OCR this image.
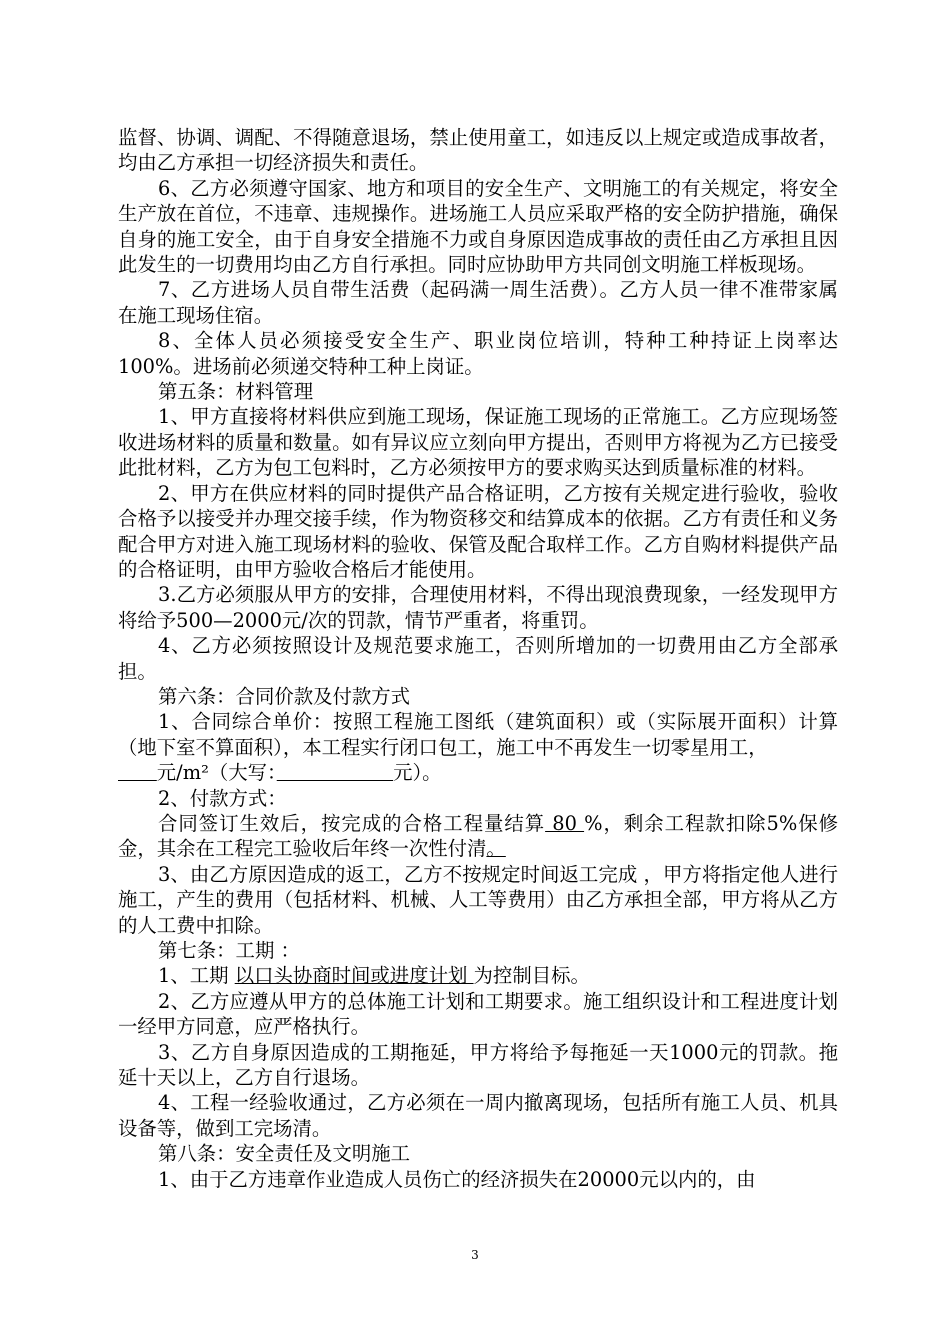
监督、协调、调配、不得随意退场，禁止使用童工，如违反以上规定或造成事故者，均由乙方承担一切经济损失和责任。

6、乙方必须遵守国家、地方和项目的安全生产、文明施工的有关规定，将安全生产放在首位，不违章、违规操作。进场施工人员应采取严格的安全防护措施，确保自身的施工安全，由于自身安全措施不力或自身原因造成事故的责任由乙方承担且因此发生的一切费用均由乙方自行承担。同时应协助甲方共同创文明施工样板现场。

7、乙方进场人员自带生活费（起码满一周生活费）。乙方人员一律不准带家属在施工现场住宿。

8、全体人员必须接受安全生产、职业岗位培训，特种工种持证上岗率达100%。进场前必须递交特种工种上岗证。

第五条：材料管理

1、甲方直接将材料供应到施工现场，保证施工现场的正常施工。乙方应现场签收进场材料的质量和数量。如有异议应立刻向甲方提出，否则甲方将视为乙方已接受此批材料，乙方为包工包料时，乙方必须按甲方的要求购买达到质量标准的材料。

2、甲方在供应材料的同时提供产品合格证明，乙方按有关规定进行验收，验收合格予以接受并办理交接手续，作为物资移交和结算成本的依据。乙方有责任和义务配合甲方对进入施工现场材料的验收、保管及配合取样工作。乙方自购材料提供产品的合格证明，由甲方验收合格后才能使用。

3.乙方必须服从甲方的安排，合理使用材料，不得出现浪费现象，一经发现甲方将给予500—2000元/次的罚款，情节严重者，将重罚。

4、乙方必须按照设计及规范要求施工，否则所增加的一切费用由乙方全部承担。

第六条：合同价款及付款方式

1、合同综合单价：按照工程施工图纸（建筑面积）或（实际展开面积）计算（地下室不算面积），本工程实行闭口包工，施工中不再发生一切零星用工，

　　元/m²（大写：　　　　　　	元）。

2、付款方式：

合同签订生效后，按完成的合格工程量结算 80 %，剩余工程款扣除5%保修金，其余在工程完工验收后年终一次性付清。

3、由乙方原因造成的返工，乙方不按规定时间返工完成 ，甲方将指定他人进行施工，产生的费用（包括材料、机械、人工等费用）由乙方承担全部，甲方将从乙方的人工费中扣除。

第七条：工期 ：

1、工期 以口头协商时间或进度计划 为控制目标。

2、乙方应遵从甲方的总体施工计划和工期要求。施工组织设计和工程进度计划一经甲方同意，应严格执行。

3、乙方自身原因造成的工期拖延，甲方将给予每拖延一天1000元的罚款。拖延十天以上，乙方自行退场。

4、工程一经验收通过，乙方必须在一周内撤离现场，包括所有施工人员、机具设备等，做到工完场清。

第八条：安全责任及文明施工

1、由于乙方违章作业造成人员伤亡的经济损失在20000元以内的，由

3
